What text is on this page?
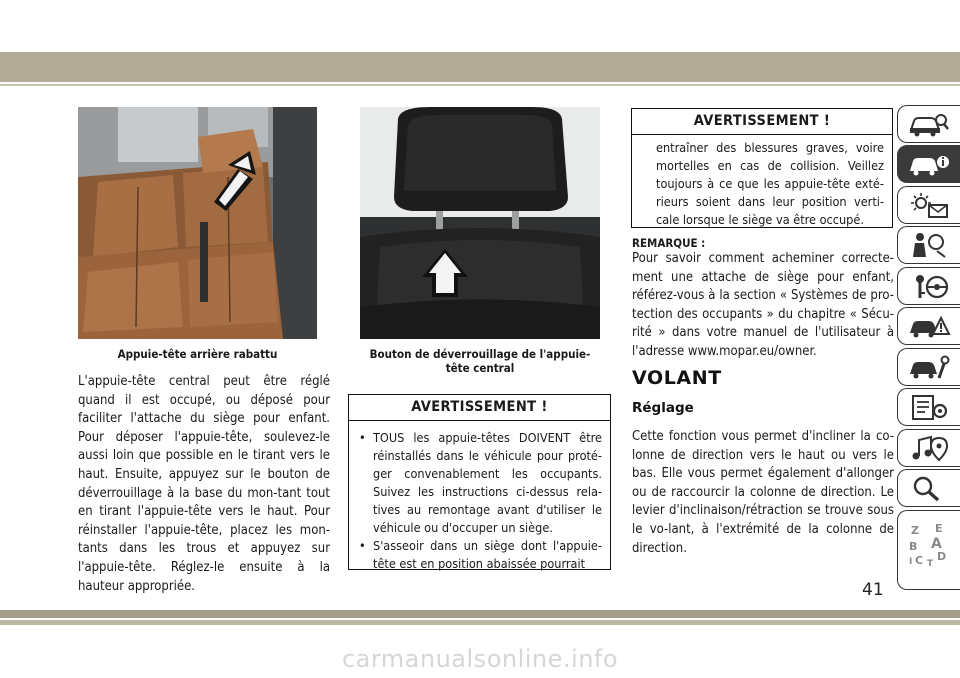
Appuie-tête arrière rabattu	Bouton de déverrouillage de l'appuie-tête central

L'appuie-tête central peut être réglé quand il est occupé, ou déposé pour faciliter l'attache du siège pour enfant. Pour déposer l'appuie-tête, soulevez-le aussi loin que possible en le tirant vers le haut. Ensuite, appuyez sur le bouton de déverrouillage à la base du mon-tant tout en tirant l'appuie-tête vers le haut. Pour réinstaller l'appuie-tête, placez les mon-tants dans les trous et appuyez sur l'appuie-tête. Réglez-le ensuite à la hauteur appropriée.

AVERTISSEMENT !
• TOUS les appuie-têtes DOIVENT être réinstallés dans le véhicule pour proté-ger convenablement les occupants. Suivez les instructions ci-dessus rela-tives au remontage avant d'utiliser le véhicule ou d'occuper un siège.
• S'asseoir dans un siège dont l'appuie-tête est en position abaissée pourrait
AVERTISSEMENT !

entraîner des blessures graves, voire mortelles en cas de collision. Veillez toujours à ce que les appuie-tête exté-rieurs soient dans leur position verti-cale lorsque le siège va être occupé.

REMARQUE :

Pour savoir comment acheminer correcte-ment une attache de siège pour enfant, référez-vous à la section « Systèmes de pro-tection des occupants » du chapitre « Sécu-rité » dans votre manuel de l'utilisateur à l'adresse www.mopar.eu/owner.

VOLANT
Réglage

Cette fonction vous permet d'incliner la co-lonne de direction vers le haut ou vers le bas. Elle vous permet également d'allonger ou de raccourcir la colonne de direction. Le levier d'inclinaison/rétraction se trouve sous le vo-lant, à l'extrémité de la colonne de direction.

Z E
B A
C D
I T
41
carmanualsonline.info
